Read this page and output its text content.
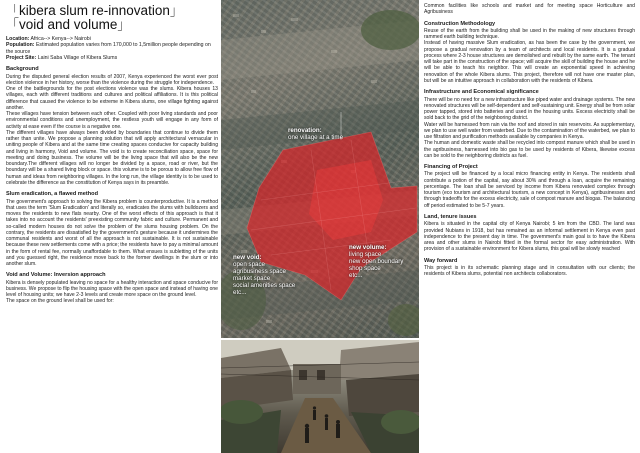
「kibera slum re-innovation」
「void and volume」
Location: Africa--> Kenya--> Nairobi
Population: Estimated population varies from 170,000 to 1,5million people depending on the source
Project Site: Laini Saba Village of Kibera Slums
Background

During the disputed general election results of 2007, Kenya experienced the worst ever post election violence in her history, worse than the violence during the struggle for independence.

One of the battlegrounds for the post elections violence was the slums. Kibera houses 13 villages, each with different traditions and cultures and political affiliations. It is this political difference that caused the violence to be extreme in Kibera slums, one village fighting against another.

These villages have tension between each other. Coupled with poor living standards and poor environmental conditions and unemployment, the restless youth will engage in any form of activity at ease even if the course is a negative one.

The different villages have always been divided by boundaries that continue to divide them rather than unite. We propose a planning solution that will apply architectural vernacular in uniting people of Kibera and at the same time creating spaces conducive for capacity building and living in harmony, Void and volume. The void is to create reconciliation space, space for meeting and doing business. The volume will be the living space that will also be the new boundary.The different villages will no longer be divided by a space, road or river, but the boundary will be a shared living block or space. this volume is to be porous to allow free flow of human and ideas from neighboring villages. In the long run, the village identity is to be used to celebrate the difference as the constitution of Kenya says in its preamble.

Slum eradication, a flawed method

The government's approach to solving the Kibera problem is counterproductive. It is a method that uses the term 'Slum Eradication' and literally so, eradicates the slums with bulldozers and moves the residents to new flats nearby. One of the worst effects of this approach is that it takes into no account the residents' preexisting community fabric and culture. Permanent and so-called modern houses do not solve the problem of the slums housing problem. On the contrary, the residents are dissatisfied by the government's gesture because it undermines the communal residents and worst of all the approach is not sustainable. It is not sustainable because these new settlements come with a price; the residents have to pay a minimal amount in the form of rental fee, normally unaffordable to them. What ensues is subletting of the units and you guessed right, the residence move back to the former dwellings in the slum or into another slum.

Void and Volume: Inversion approach

Kibera is densely populated leaving no space for a healthy interaction and space conducive for business. We propose to flip the housing space with the open space and instead of having one level of housing units; we have 2-3 levels and create more space on the ground level.

The space on the ground level shall be used for:

renovation:
one village at a time
new void:
open space
agribusiness space
market space
social amenities space
etc...
new volume:
living space
new open boundary
shop space
etc...

Common facilities like schools and market and for meeting space Horticulture and Agribusiness

Construction Methodology

Reuse of the earth from the building shall be used in the making of new structures through rammed earth building technique.

Instead of having massive Slum eradication, as has been the case by the government, we propose a gradual renovation by a team of architects and local residents. It is a gradual process where 2-3 house structures are demolished and rebuilt by the same earth. The tenant will take part in the construction of the space; will acquire the skill of building the house and he will be able to teach his neighbor. This will create an exponential speed in achieving renovation of the whole Kibera slums. This project, therefore will not have one master plan, but will be an intuitive approach in collaboration with the residents of Kibera.

Infrastructure and Economical significance

There will be no need for a new infrastructure like piped water and drainage systems. The new renovated structures will be self-dependent and self-sustaining unit. Energy shall be from solar power tapped, stored into batteries and used in the housing units. Excess electricity shall be sold back to the grid of the neighboring district.

Water will be harnessed from rain via the roof and stored in rain reservoirs. As supplementary, we plan to use well water from waterbed. Due to the contamination of the waterbed, we plan to use filtration and purification methods available by companies in Kenya.

The human and domestic waste shall be recycled into compost manure which shall be used in the agribusiness, harnessed into bio gas to be used by residents of Kibera, likewise excess can be sold to the neighboring districts as fuel.

Financing of Project

The project will be financed by a local micro financing entity in Kenya. The residents shall contribute a potion of the capital, say about 30% and through a loan, acquire the remaining percentage. The loan shall be serviced by income from Kibera renovated complex through tourism (eco tourism and architectural tourism, a new concept in Kenya), agribusinesses and through tradeoffs for the excess electricity, sale of compost manure and biogas. The balancing off period estimated to be 5-7 years.

Land, tenure issues

Kibera is situated in the capital city of Kenya Nairobi; 5 km from the CBD. The land was provided Nubians in 1918, but has remained as an informal settlement in Kenya even past independence to the present day in time. The government's main goal is to have the Kibera area and other slums in Nairobi fitted in the formal sector for easy administration. With provision of a sustainable environment for Kibera slums, this goal will be slowly reached

Way forward

This project is in its schematic planning stage and in consultation with our clients; the residents of Kibera slums, potential non architects collaborators.
